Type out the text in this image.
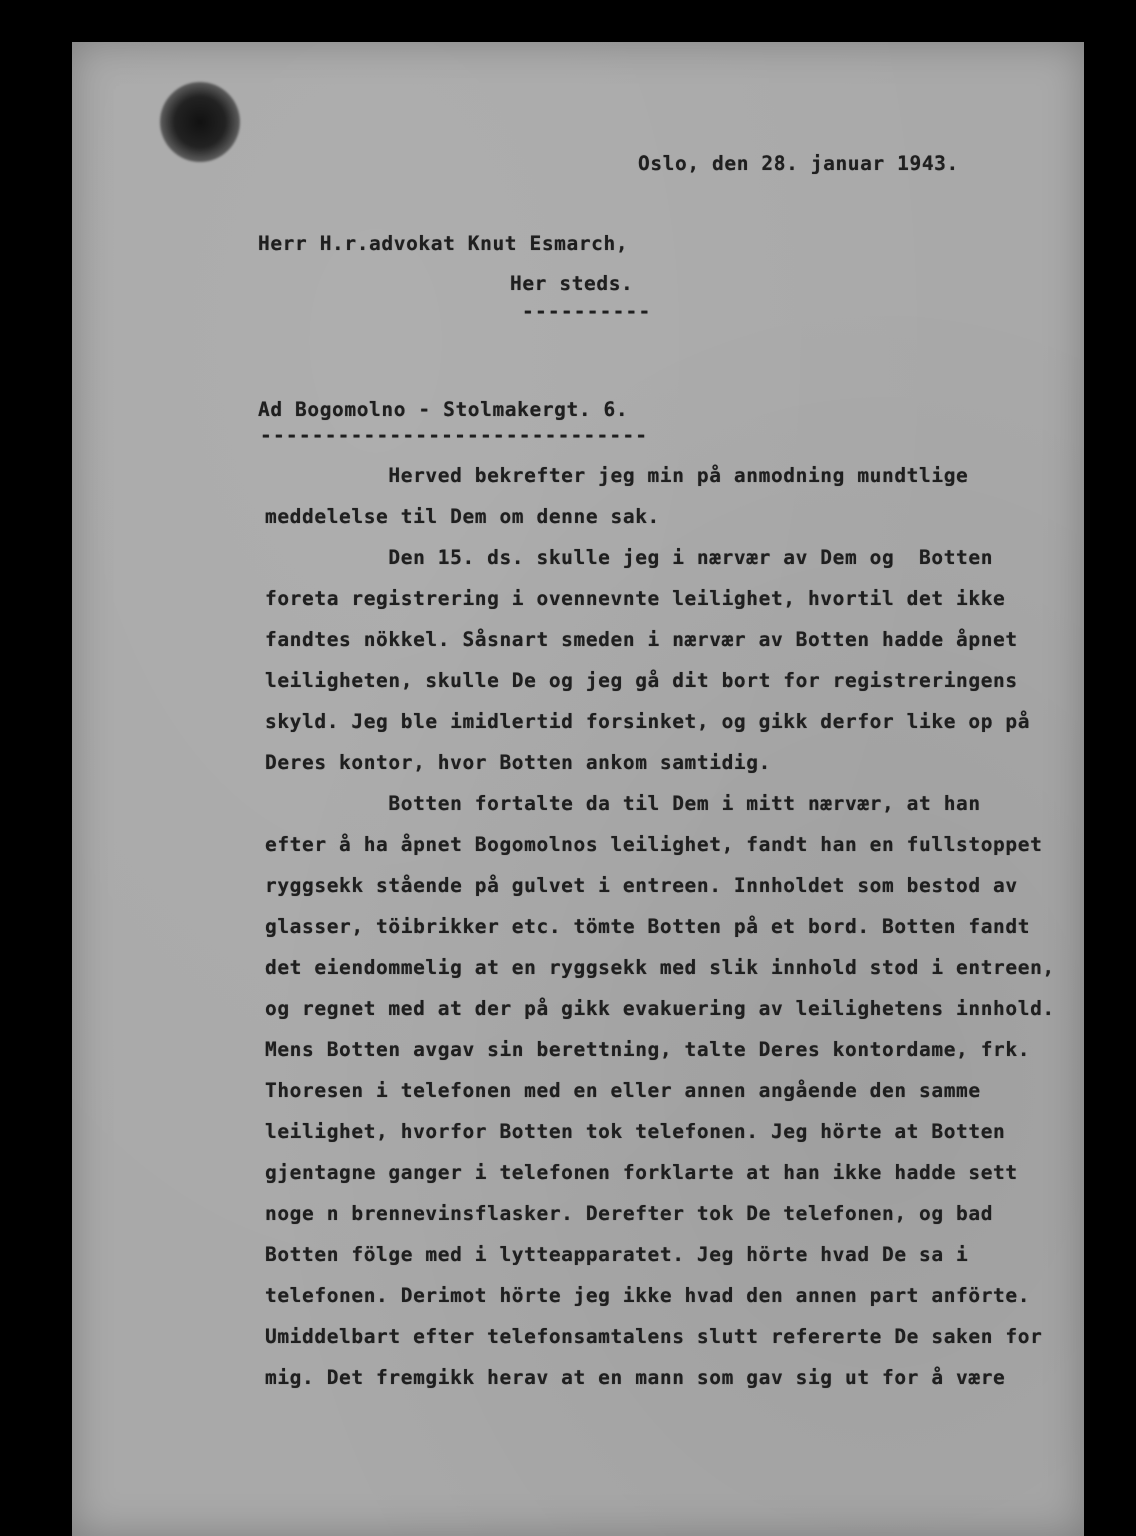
Oslo, den 28. januar 1943.
Herr H.r.advokat Knut Esmarch,
Her steds.
----------
Ad Bogomolno - Stolmakergt. 6.
------------------------------
Herved bekrefter jeg min på anmodning mundtlige
meddelelse til Dem om denne sak.
Den 15. ds. skulle jeg i nærvær av Dem og  Botten
foreta registrering i ovennevnte leilighet, hvortil det ikke
fandtes nökkel. Såsnart smeden i nærvær av Botten hadde åpnet
leiligheten, skulle De og jeg gå dit bort for registreringens
skyld. Jeg ble imidlertid forsinket, og gikk derfor like op på
Deres kontor, hvor Botten ankom samtidig.
Botten fortalte da til Dem i mitt nærvær, at han
efter å ha åpnet Bogomolnos leilighet, fandt han en fullstoppet
ryggsekk stående på gulvet i entreen. Innholdet som bestod av
glasser, töibrikker etc. tömte Botten på et bord. Botten fandt
det eiendommelig at en ryggsekk med slik innhold stod i entreen,
og regnet med at der på gikk evakuering av leilighetens innhold.
Mens Botten avgav sin berettning, talte Deres kontordame, frk.
Thoresen i telefonen med en eller annen angående den samme
leilighet, hvorfor Botten tok telefonen. Jeg hörte at Botten
gjentagne ganger i telefonen forklarte at han ikke hadde sett
noge n brennevinsflasker. Derefter tok De telefonen, og bad
Botten fölge med i lytteapparatet. Jeg hörte hvad De sa i
telefonen. Derimot hörte jeg ikke hvad den annen part anförte.
Umiddelbart efter telefonsamtalens slutt refererte De saken for
mig. Det fremgikk herav at en mann som gav sig ut for å være
